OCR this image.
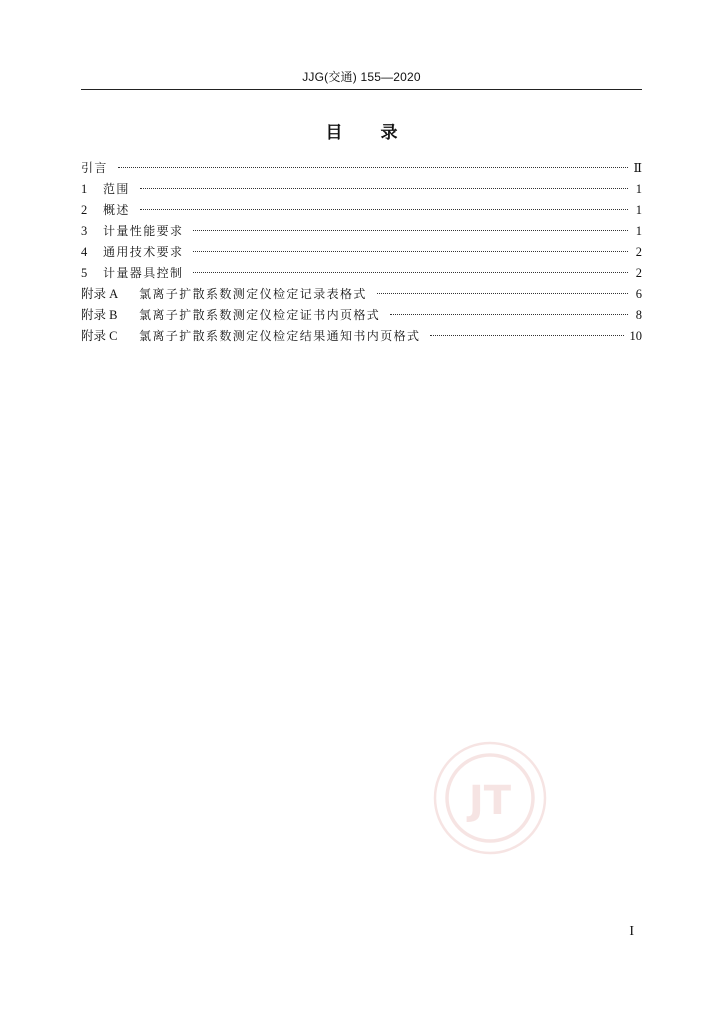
JJG(交通) 155—2020
目 录
引言	Ⅱ
1	范围	1
2	概述	1
3	计量性能要求	1
4	通用技术要求	2
5	计量器具控制	2
附录 A	氯离子扩散系数测定仪检定记录表格式	6
附录 B	氯离子扩散系数测定仪检定证书内页格式	8
附录 C	氯离子扩散系数测定仪检定结果通知书内页格式	10
JT
I
